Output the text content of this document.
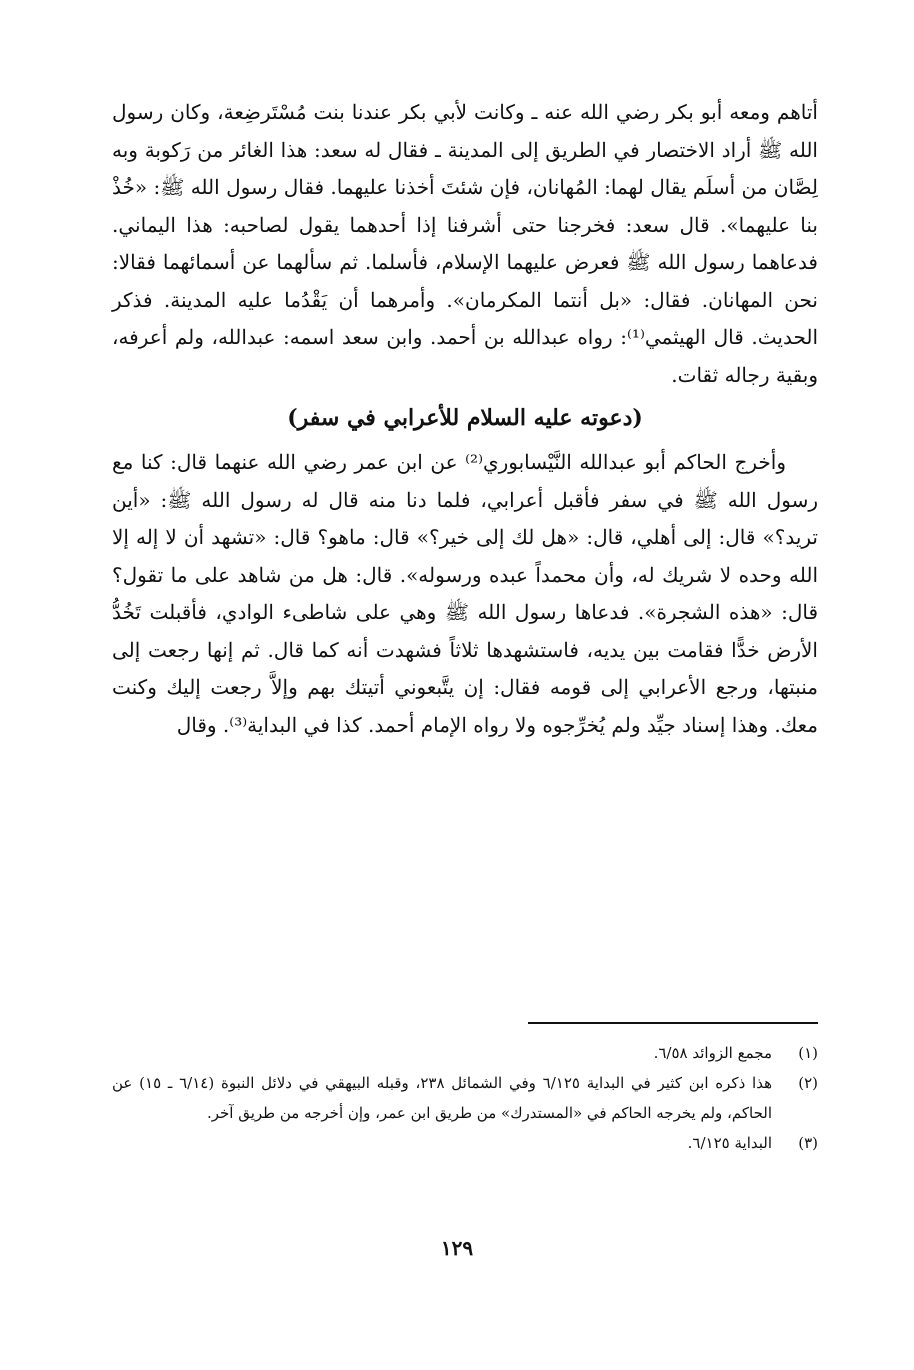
أتاهم ومعه أبو بكر رضي الله عنه ـ وكانت لأبي بكر عندنا بنت مُسْتَرضِعة، وكان رسول الله ﷺ أراد الاختصار في الطريق إلى المدينة ـ فقال له سعد: هذا الغائر من رَكوبة وبه لِصَّان من أسلَم يقال لهما: المُهانان، فإن شئتَ أخذنا عليهما. فقال رسول الله ﷺ: «خُذْ بنا عليهما». قال سعد: فخرجنا حتى أشرفنا إذا أحدهما يقول لصاحبه: هذا اليماني. فدعاهما رسول الله ﷺ فعرض عليهما الإسلام، فأسلما. ثم سألهما عن أسمائهما فقالا: نحن المهانان. فقال: «بل أنتما المكرمان». وأمرهما أن يَقْدُما عليه المدينة. فذكر الحديث. قال الهيثمي⁽¹⁾: رواه عبدالله بن أحمد. وابن سعد اسمه: عبدالله، ولم أعرفه، وبقية رجاله ثقات.

(دعوته عليه السلام للأعرابي في سفر)

وأخرج الحاكم أبو عبدالله النَّيْسابوري⁽²⁾ عن ابن عمر رضي الله عنهما قال: كنا مع رسول الله ﷺ في سفر فأقبل أعرابي، فلما دنا منه قال له رسول الله ﷺ: «أين تريد؟» قال: إلى أهلي، قال: «هل لك إلى خير؟» قال: ماهو؟ قال: «تشهد أن لا إله إلا الله وحده لا شريك له، وأن محمداً عبده ورسوله». قال: هل من شاهد على ما تقول؟ قال: «هذه الشجرة». فدعاها رسول الله ﷺ وهي على شاطىء الوادي، فأقبلت تَخُدُّ الأرض خدًّا فقامت بين يديه، فاستشهدها ثلاثاً فشهدت أنه كما قال. ثم إنها رجعت إلى منبتها، ورجع الأعرابي إلى قومه فقال: إن يتَّبعوني أتيتك بهم وإلاَّ رجعت إليك وكنت معك. وهذا إسناد جيِّد ولم يُخرِّجوه ولا رواه الإمام أحمد. كذا في البداية⁽³⁾. وقال

(١)
مجمع الزوائد ٦/٥٨.
(٢)
هذا ذكره ابن كثير في البداية ٦/١٢٥ وفي الشمائل ٢٣٨، وقبله البيهقي في دلائل النبوة (٦/١٤ ـ ١٥) عن الحاكم، ولم يخرجه الحاكم في «المستدرك» من طريق ابن عمر، وإن أخرجه من طريق آخر.
(٣)
البداية ٦/١٢٥.
١٢٩
